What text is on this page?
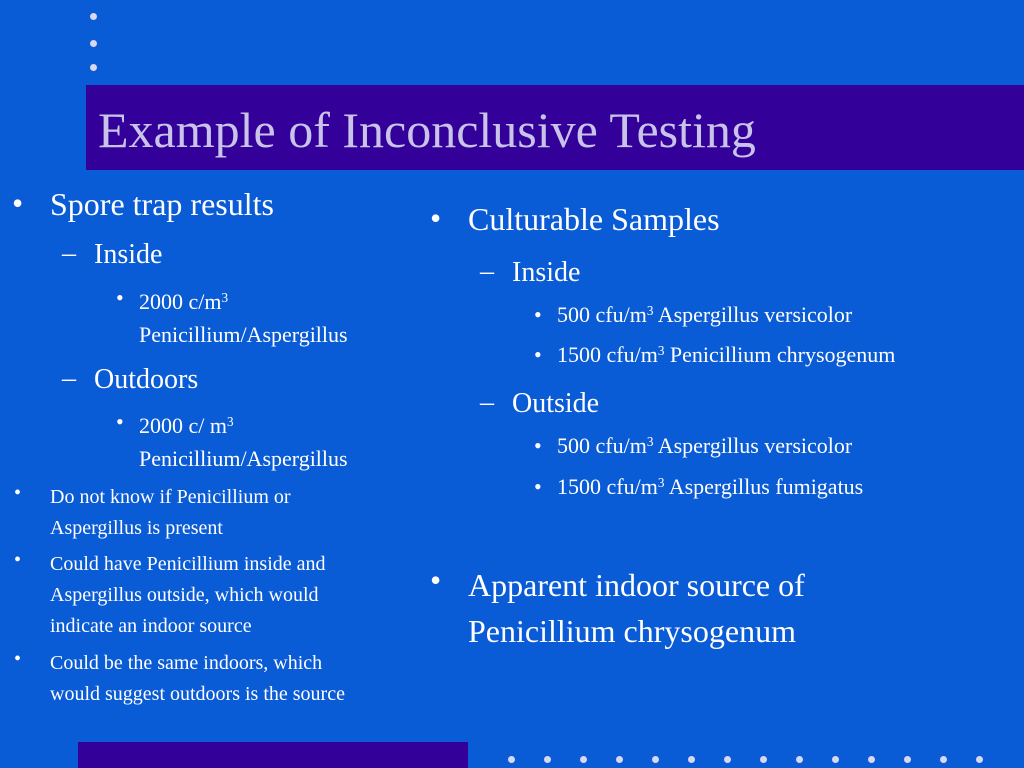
Example of Inconclusive Testing
• Spore trap results
– Inside
• 2000 $c/m^3$
Penicillium/Aspergillus
– Outdoors
• 2000 c/ $m^3$
Penicillium/Aspergillus
• Do not know if Penicillium or
Aspergillus is present
• Could have Penicillium inside and
Aspergillus outside, which would
indicate an indoor source
• Could be the same indoors, which
would suggest outdoors is the source
• Culturable Samples
– Inside
• 500 cfu/$m^3$ Aspergillus versicolor
• 1500 cfu/$m^3$ Penicillium chrysogenum
– Outside
• 500 cfu/$m^3$ Aspergillus versicolor
• 1500 cfu/$m^3$ Aspergillus fumigatus
• Apparent indoor source of
Penicillium chrysogenum
